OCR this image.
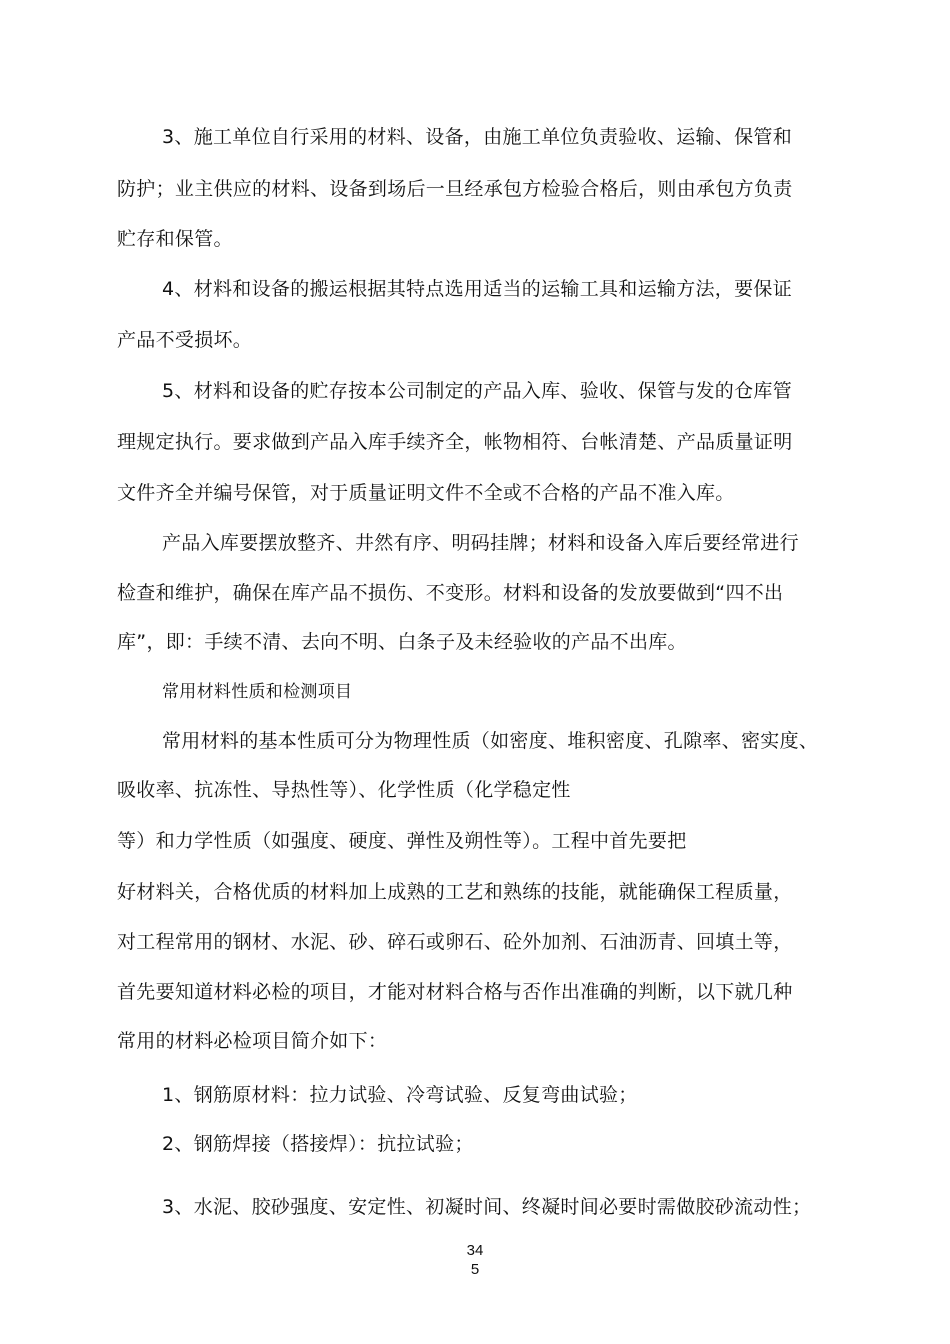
3、施工单位自行采用的材料、设备，由施工单位负责验收、运输、保管和
防护；业主供应的材料、设备到场后一旦经承包方检验合格后，则由承包方负责
贮存和保管。
4、材料和设备的搬运根据其特点选用适当的运输工具和运输方法，要保证
产品不受损坏。
5、材料和设备的贮存按本公司制定的产品入库、验收、保管与发的仓库管
理规定执行。要求做到产品入库手续齐全，帐物相符、台帐清楚、产品质量证明
文件齐全并编号保管，对于质量证明文件不全或不合格的产品不准入库。
产品入库要摆放整齐、井然有序、明码挂牌；材料和设备入库后要经常进行
检查和维护，确保在库产品不损伤、不变形。材料和设备的发放要做到“四不出
库”，即：手续不清、去向不明、白条子及未经验收的产品不出库。
常用材料性质和检测项目
常用材料的基本性质可分为物理性质（如密度、堆积密度、孔隙率、密实度、
吸收率、抗冻性、导热性等）、化学性质（化学稳定性
等）和力学性质（如强度、硬度、弹性及朔性等）。工程中首先要把
好材料关，合格优质的材料加上成熟的工艺和熟练的技能，就能确保工程质量，
对工程常用的钢材、水泥、砂、碎石或卵石、砼外加剂、石油沥青、回填土等，
首先要知道材料必检的项目，才能对材料合格与否作出准确的判断，以下就几种
常用的材料必检项目简介如下：
1、钢筋原材料：拉力试验、冷弯试验、反复弯曲试验；
2、钢筋焊接（搭接焊）：抗拉试验；
3、水泥、胶砂强度、安定性、初凝时间、终凝时间必要时需做胶砂流动性；
34
5
